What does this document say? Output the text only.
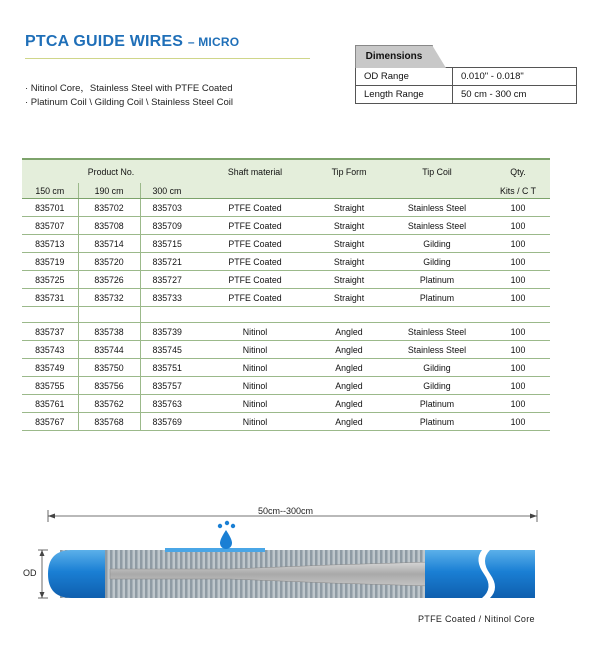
PTCA GUIDE WIRES – MICRO
· Nitinol Core，Stainless Steel with PTFE Coated
· Platinum Coil \ Gilding Coil \ Stainless Steel Coil
Dimensions
OD Range	0.010" - 0.018"
Length Range	50 cm - 300 cm
Product No.			Shaft material	Tip Form	Tip Coil	Qty.
150 cm	190 cm	300 cm				Kits / C T
835701	835702	835703	PTFE Coated	Straight	Stainless Steel	100
835707	835708	835709	PTFE Coated	Straight	Stainless Steel	100
835713	835714	835715	PTFE Coated	Straight	Gilding	100
835719	835720	835721	PTFE Coated	Straight	Gilding	100
835725	835726	835727	PTFE Coated	Straight	Platinum	100
835731	835732	835733	PTFE Coated	Straight	Platinum	100

835737	835738	835739	Nitinol	Angled	Stainless Steel	100
835743	835744	835745	Nitinol	Angled	Stainless Steel	100
835749	835750	835751	Nitinol	Angled	Gilding	100
835755	835756	835757	Nitinol	Angled	Gilding	100
835761	835762	835763	Nitinol	Angled	Platinum	100
835767	835768	835769	Nitinol	Angled	Platinum	100
50cm--300cm
OD
PTFE Coated / Nitinol Core
